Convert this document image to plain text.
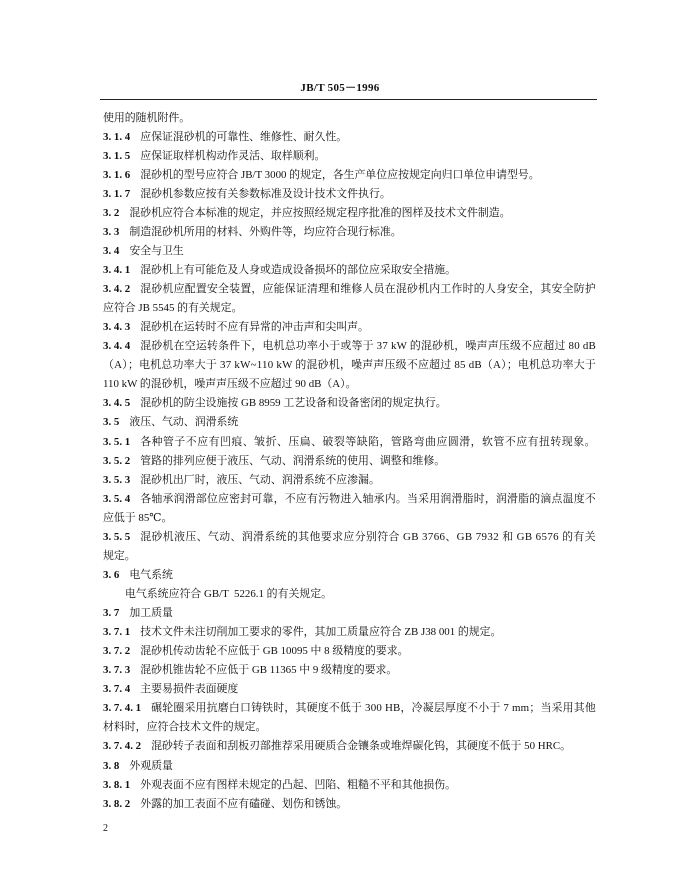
JB/T 505－1996
使用的随机附件。
3. 1. 4 应保证混砂机的可靠性、维修性、耐久性。
3. 1. 5 应保证取样机构动作灵活、取样顺利。
3. 1. 6 混砂机的型号应符合 JB/T 3000 的规定，各生产单位应按规定向归口单位申请型号。
3. 1. 7 混砂机参数应按有关参数标准及设计技术文件执行。
3. 2 混砂机应符合本标准的规定，并应按照经规定程序批准的图样及技术文件制造。
3. 3 制造混砂机所用的材料、外购件等，均应符合现行标准。
3. 4 安全与卫生
3. 4. 1 混砂机上有可能危及人身或造成设备损坏的部位应采取安全措施。
3. 4. 2 混砂机应配置安全装置，应能保证清理和维修人员在混砂机内工作时的人身安全，其安全防护
应符合 JB 5545 的有关规定。
3. 4. 3 混砂机在运转时不应有异常的冲击声和尖叫声。
3. 4. 4 混砂机在空运转条件下，电机总功率小于或等于 37 kW 的混砂机，噪声声压级不应超过 80 dB
（A）；电机总功率大于 37 kW~110 kW 的混砂机，噪声声压级不应超过 85 dB（A）；电机总功率大于
110 kW 的混砂机，噪声声压级不应超过 90 dB（A）。
3. 4. 5 混砂机的防尘设施按 GB 8959 工艺设备和设备密闭的规定执行。
3. 5 液压、气动、润滑系统
3. 5. 1 各种管子不应有凹痕、皱折、压扁、破裂等缺陷，管路弯曲应圆滑，软管不应有扭转现象。
3. 5. 2 管路的排列应便于液压、气动、润滑系统的使用、调整和维修。
3. 5. 3 混砂机出厂时，液压、气动、润滑系统不应渗漏。
3. 5. 4 各轴承润滑部位应密封可靠，不应有污物进入轴承内。当采用润滑脂时，润滑脂的滴点温度不
应低于 85℃。
3. 5. 5 混砂机液压、气动、润滑系统的其他要求应分别符合 GB 3766、GB 7932 和 GB 6576 的有关
规定。
3. 6 电气系统
电气系统应符合 GB/T  5226.1 的有关规定。
3. 7 加工质量
3. 7. 1 技术文件未注切削加工要求的零件，其加工质量应符合 ZB J38 001 的规定。
3. 7. 2 混砂机传动齿轮不应低于 GB 10095 中 8 级精度的要求。
3. 7. 3 混砂机锥齿轮不应低于 GB 11365 中 9 级精度的要求。
3. 7. 4 主要易损件表面硬度
3. 7. 4. 1 碾轮圈采用抗磨白口铸铁时，其硬度不低于 300 HB，冷凝层厚度不小于 7 mm；当采用其他
材料时，应符合技术文件的规定。
3. 7. 4. 2 混砂转子表面和刮板刃部推荐采用硬质合金镶条或堆焊碳化钨，其硬度不低于 50 HRC。
3. 8 外观质量
3. 8. 1 外观表面不应有图样未规定的凸起、凹陷、粗糙不平和其他损伤。
3. 8. 2 外露的加工表面不应有磕碰、划伤和锈蚀。
2
